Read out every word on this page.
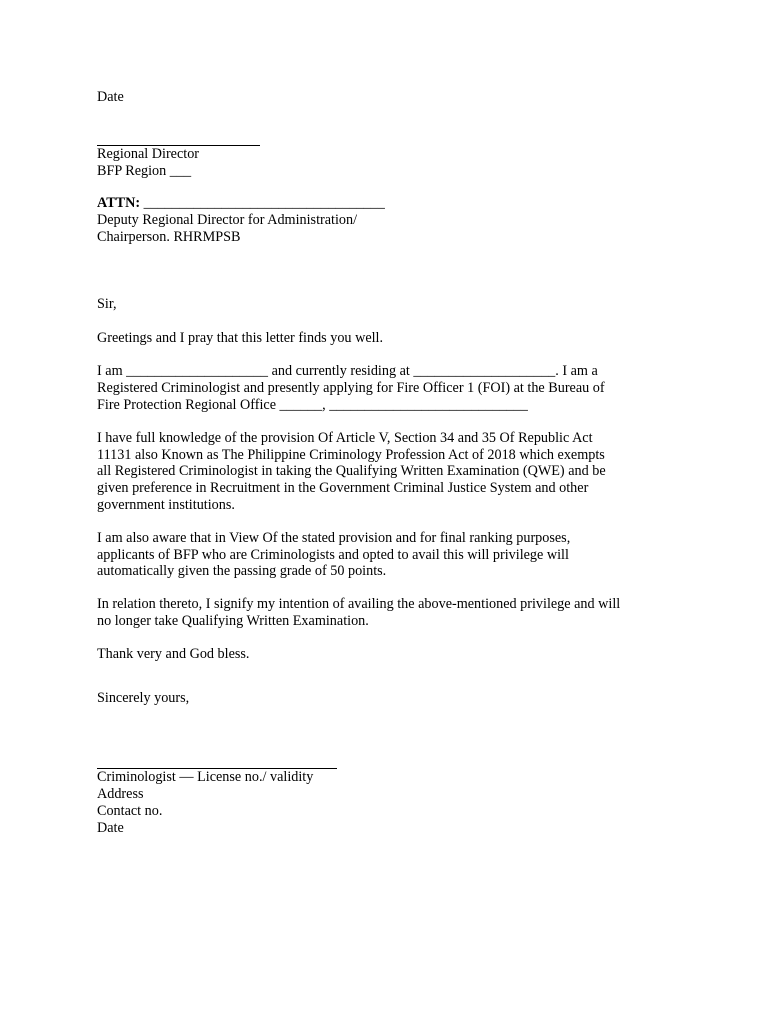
Date
Regional Director
BFP Region ___
ATTN: __________________________________
Deputy Regional Director for Administration/
Chairperson. RHRMPSB
Sir,
Greetings and I pray that this letter finds you well.
I am ____________________ and currently residing at ____________________. I am a
Registered Criminologist and presently applying for Fire Officer 1 (FOI) at the Bureau of
Fire Protection Regional Office ______, ____________________________
I have full knowledge of the provision Of Article V, Section 34 and 35 Of Republic Act
11131 also Known as The Philippine Criminology Profession Act of 2018 which exempts
all Registered Criminologist in taking the Qualifying Written Examination (QWE) and be
given preference in Recruitment in the Government Criminal Justice System and other
government institutions.
I am also aware that in View Of the stated provision and for final ranking purposes,
applicants of BFP who are Criminologists and opted to avail this will privilege will
automatically given the passing grade of 50 points.
In relation thereto, I signify my intention of availing the above-mentioned privilege and will
no longer take Qualifying Written Examination.
Thank very and God bless.
Sincerely yours,
Criminologist — License no./ validity
Address
Contact no.
Date
